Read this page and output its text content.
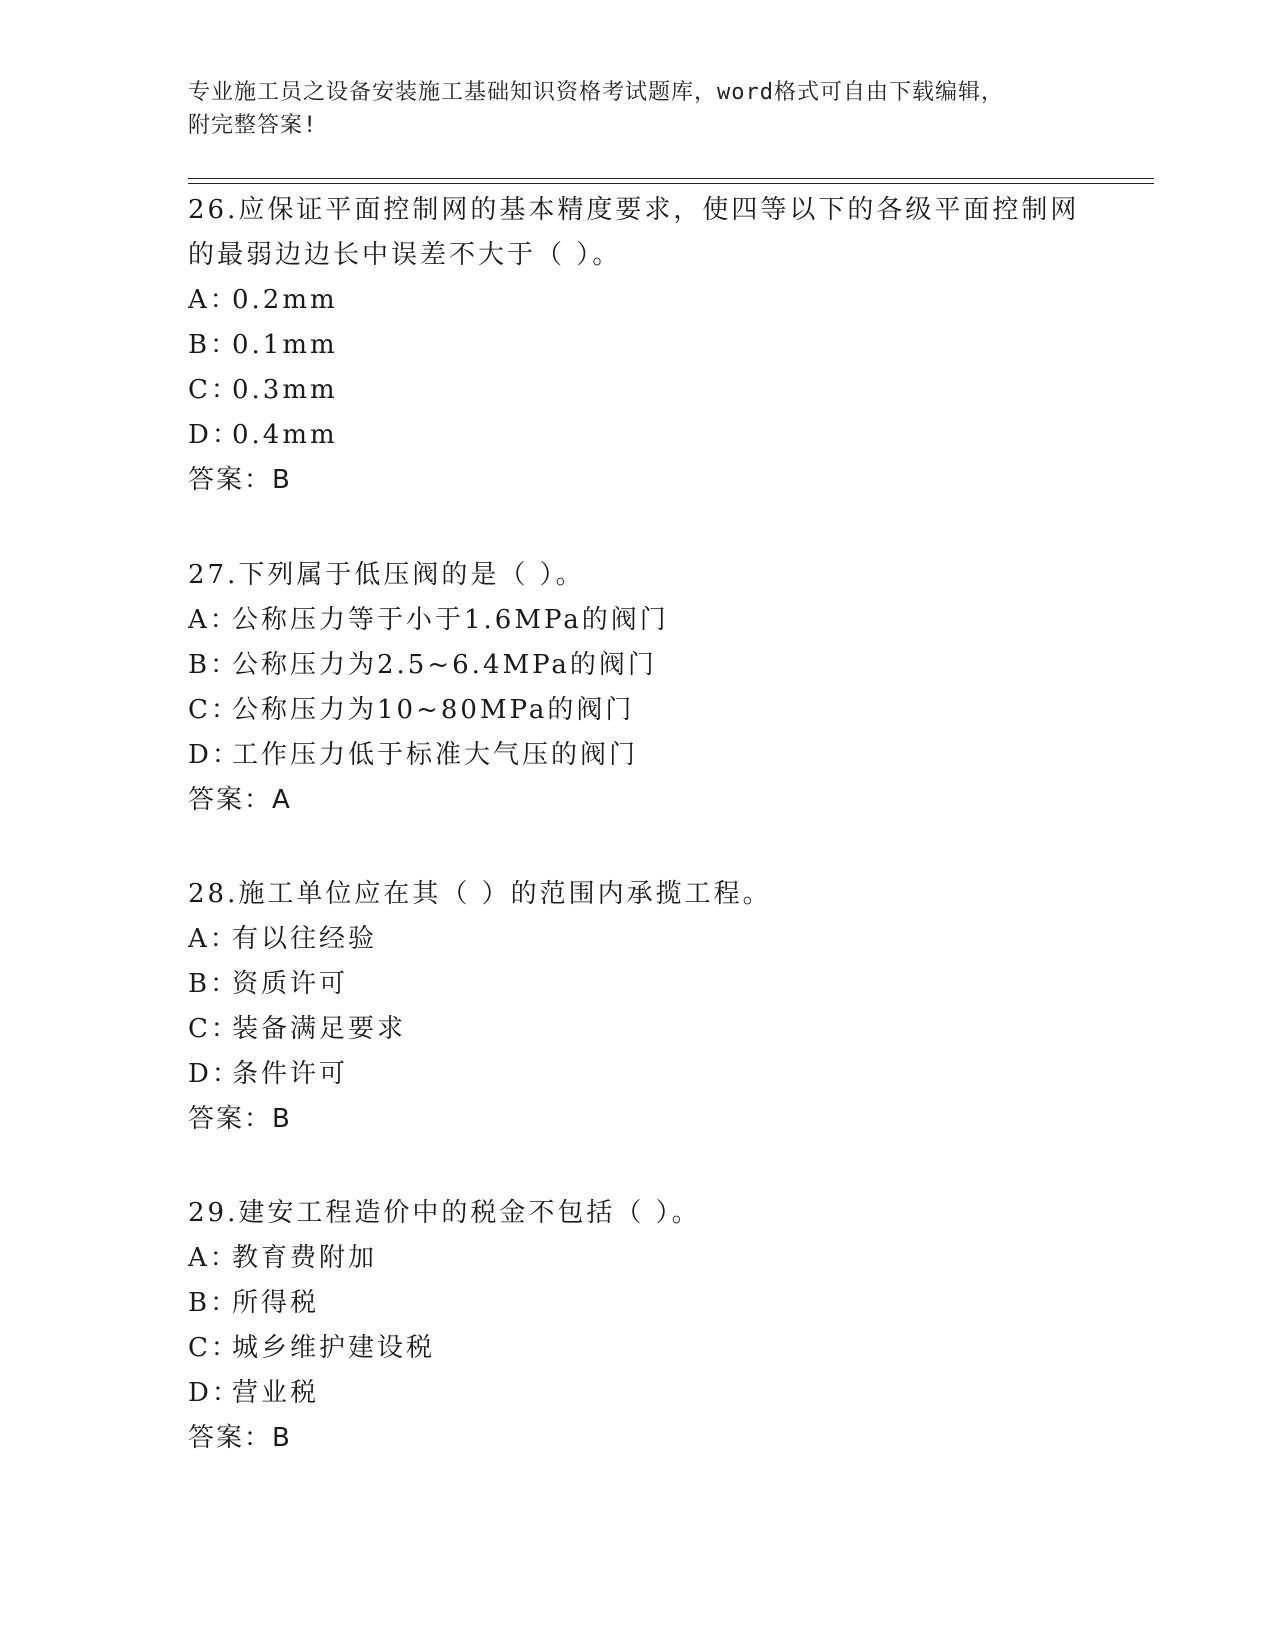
专业施工员之设备安装施工基础知识资格考试题库，word格式可自由下载编辑，
附完整答案!

26.应保证平面控制网的基本精度要求，使四等以下的各级平面控制网

的最弱边边长中误差不大于（ ）。

A：0.2mm

B：0.1mm

C：0.3mm

D：0.4mm

答案：B

27.下列属于低压阀的是（ ）。

A：公称压力等于小于1.6MPa的阀门

B：公称压力为2.5~6.4MPa的阀门

C：公称压力为10~80MPa的阀门

D：工作压力低于标准大气压的阀门

答案：A

28.施工单位应在其（ ）的范围内承揽工程。

A：有以往经验

B：资质许可

C：装备满足要求

D：条件许可

答案：B

29.建安工程造价中的税金不包括（ ）。

A：教育费附加

B：所得税

C：城乡维护建设税

D：营业税

答案：B
